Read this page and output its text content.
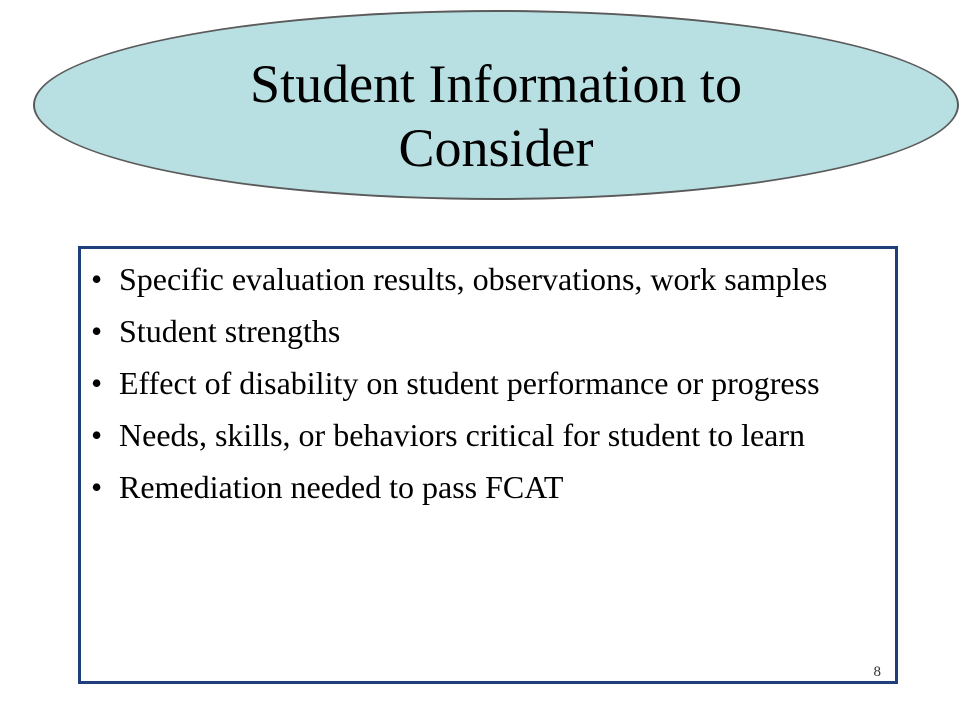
Student Information to
Consider
• Specific evaluation results, observations, work samples
• Student strengths
• Effect of disability on student performance or progress
• Needs, skills, or behaviors critical for student to learn
• Remediation needed to pass FCAT
8
